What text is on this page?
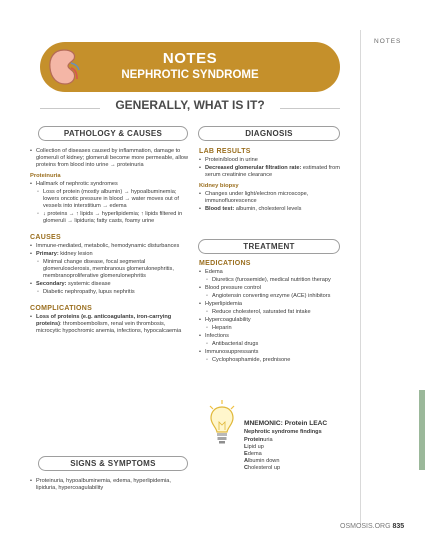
NOTES
NOTES
NEPHROTIC SYNDROME
GENERALLY, WHAT IS IT?
PATHOLOGY & CAUSES
• Collection of diseases caused by inflammation, damage to glomeruli of kidney; glomeruli become more permeable, allow proteins from blood into urine → proteinuria
Proteinuria
• Hallmark of nephrotic syndromes
◦ Loss of protein (mostly albumin) → hypoalbuminemia; lowers oncotic pressure in blood → water moves out of vessels into interstitium → edema
◦ ↓ proteins → ↑ lipids → hyperlipidemia; ↑ lipids filtered in glomeruli → lipiduria; fatty casts, foamy urine
CAUSES
• Immune-mediated, metabolic, hemodynamic disturbances
• Primary: kidney lesion
◦ Minimal change disease, focal segmental glomerulosclerosis, membranous glomerulonephritis, membranoproliferative glomerulonephritis
• Secondary: systemic disease
◦ Diabetic nephropathy, lupus nephritis
COMPLICATIONS
• Loss of proteins (e.g. anticoagulants, iron-carrying proteins): thromboembolism, renal vein thrombosis, microcytic hypochromic anemia, infections, hypocalcaemia
SIGNS & SYMPTOMS
• Proteinuria, hypoalbuminemia, edema, hyperlipidemia, lipiduria, hypercoagulability
DIAGNOSIS
LAB RESULTS
• Protein/blood in urine
• Decreased glomerular filtration rate: estimated from serum creatinine clearance
Kidney biopsy
• Changes under light/electron microscope, immunofluorescence
• Blood test: albumin, cholesterol levels
TREATMENT
MEDICATIONS
• Edema
◦ Diuretics (furosemide), medical nutrition therapy
• Blood pressure control
◦ Angiotensin converting enzyme (ACE) inhibitors
• Hyperlipidemia
◦ Reduce cholesterol, saturated fat intake
• Hypercoagulability
◦ Heparin
• Infections
◦ Antibacterial drugs
• Immunosuppressants
◦ Cyclophosphamide, prednisone
MNEMONIC: Protein LEAC
Nephrotic syndrome findings
Proteinuria
Lipid up
Edema
Albumin down
Cholesterol up
OSMOSIS.ORG 835
